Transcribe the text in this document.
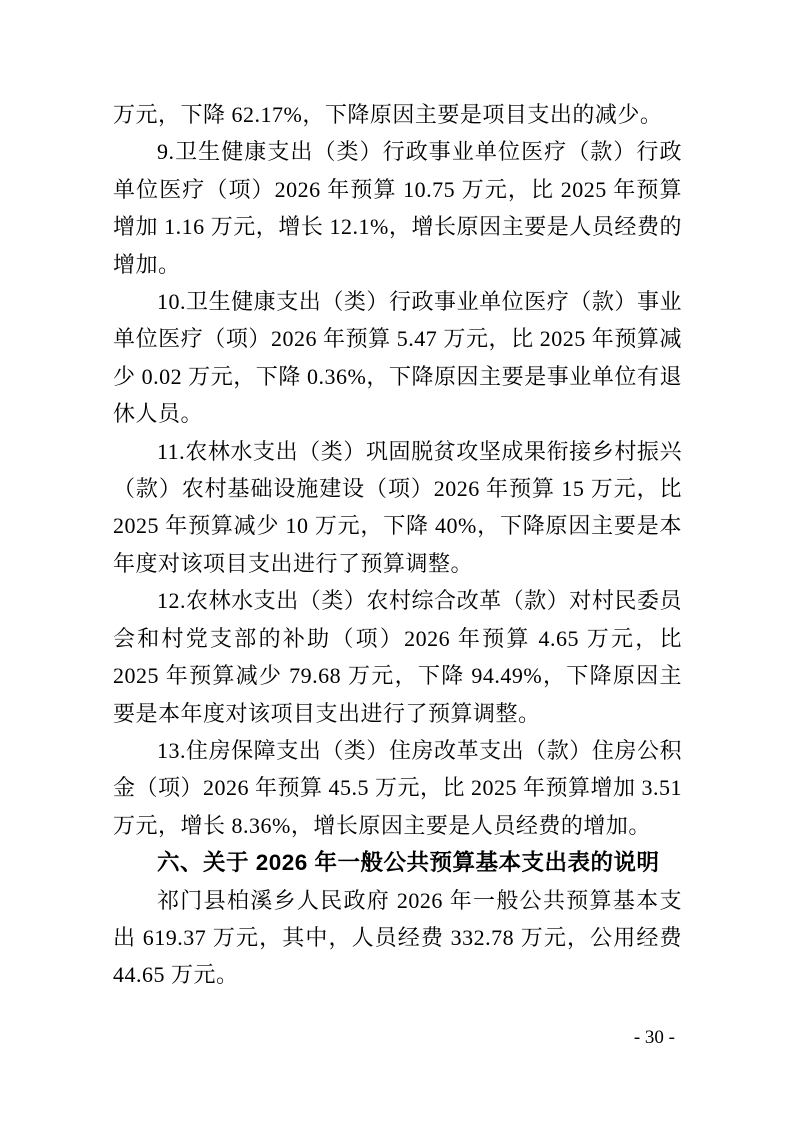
万元，下降 62.17%，下降原因主要是项目支出的减少。

9.卫生健康支出（类）行政事业单位医疗（款）行政单位医疗（项）2026 年预算 10.75 万元，比 2025 年预算增加 1.16 万元，增长 12.1%，增长原因主要是人员经费的增加。

10.卫生健康支出（类）行政事业单位医疗（款）事业单位医疗（项）2026 年预算 5.47 万元，比 2025 年预算减少 0.02 万元，下降 0.36%，下降原因主要是事业单位有退休人员。

11.农林水支出（类）巩固脱贫攻坚成果衔接乡村振兴（款）农村基础设施建设（项）2026 年预算 15 万元，比 2025 年预算减少 10 万元，下降 40%，下降原因主要是本年度对该项目支出进行了预算调整。

12.农林水支出（类）农村综合改革（款）对村民委员会和村党支部的补助（项）2026 年预算 4.65 万元，比 2025 年预算减少 79.68 万元，下降 94.49%，下降原因主要是本年度对该项目支出进行了预算调整。

13.住房保障支出（类）住房改革支出（款）住房公积金（项）2026 年预算 45.5 万元，比 2025 年预算增加 3.51 万元，增长 8.36%，增长原因主要是人员经费的增加。

六、关于 2026 年一般公共预算基本支出表的说明

祁门县柏溪乡人民政府 2026 年一般公共预算基本支出 619.37 万元，其中，人员经费 332.78 万元，公用经费 44.65 万元。

- 30 -
